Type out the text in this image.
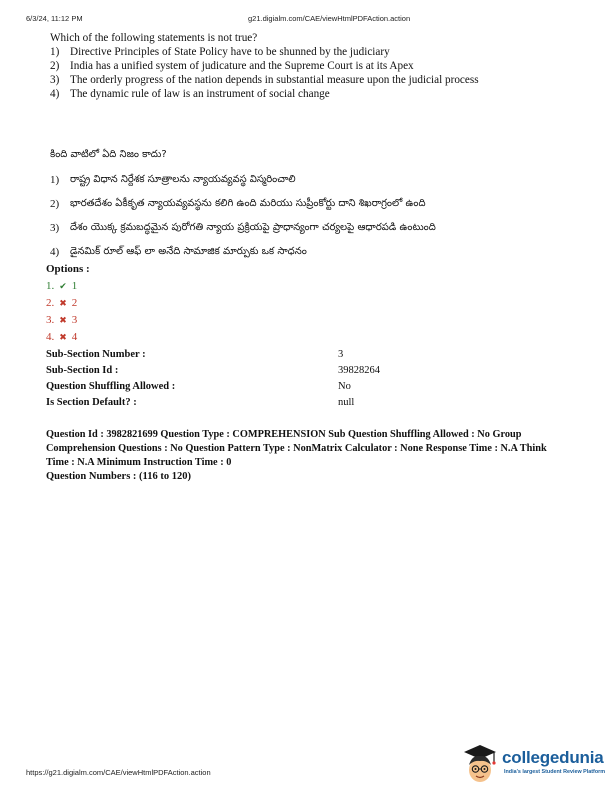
6/3/24, 11:12 PM	g21.digialm.com/CAE/viewHtmlPDFAction.action

Which of the following statements is not true?

1) Directive Principles of State Policy have to be shunned by the judiciary
2) India has a unified system of judicature and the Supreme Court is at its Apex
3) The orderly progress of the nation depends in substantial measure upon the judicial process
4) The dynamic rule of law is an instrument of social change

కింది వాటిలో ఏది నిజం కాదు?

1)	రాష్ట్ర విధాన నిర్దేశక సూత్రాలను న్యాయవ్యవస్థ విస్మరించాలి
2)	భారతదేశం ఏకీకృత న్యాయవ్యవస్థను కలిగి ఉంది మరియు సుప్రీంకోర్టు దాని శిఖరాగ్రంలో ఉంది
3)	దేశం యొక్క క్రమబద్ధమైన పురోగతి న్యాయ ప్రక్రియపై ప్రాధాన్యంగా చర్యలపై ఆధారపడి ఉంటుంది
4)	డైనమిక్ రూల్ ఆఫ్ లా అనేది సామాజిక మార్పుకు ఒక సాధనం
Options :
1. ✔ 1
2. ✖ 2
3. ✖ 3
4. ✖ 4
Sub-Section Number :	3
Sub-Section Id :	39828264
Question Shuffling Allowed :	No
Is Section Default? :	null

Question Id : 3982821699 Question Type : COMPREHENSION Sub Question Shuffling Allowed : No Group Comprehension Questions : No Question Pattern Type : NonMatrix Calculator : None Response Time : N.A Think Time : N.A Minimum Instruction Time : 0

Question Numbers : (116 to 120)

https://g21.digialm.com/CAE/viewHtmlPDFAction.action
collegedunia
India's largest Student Review Platform
